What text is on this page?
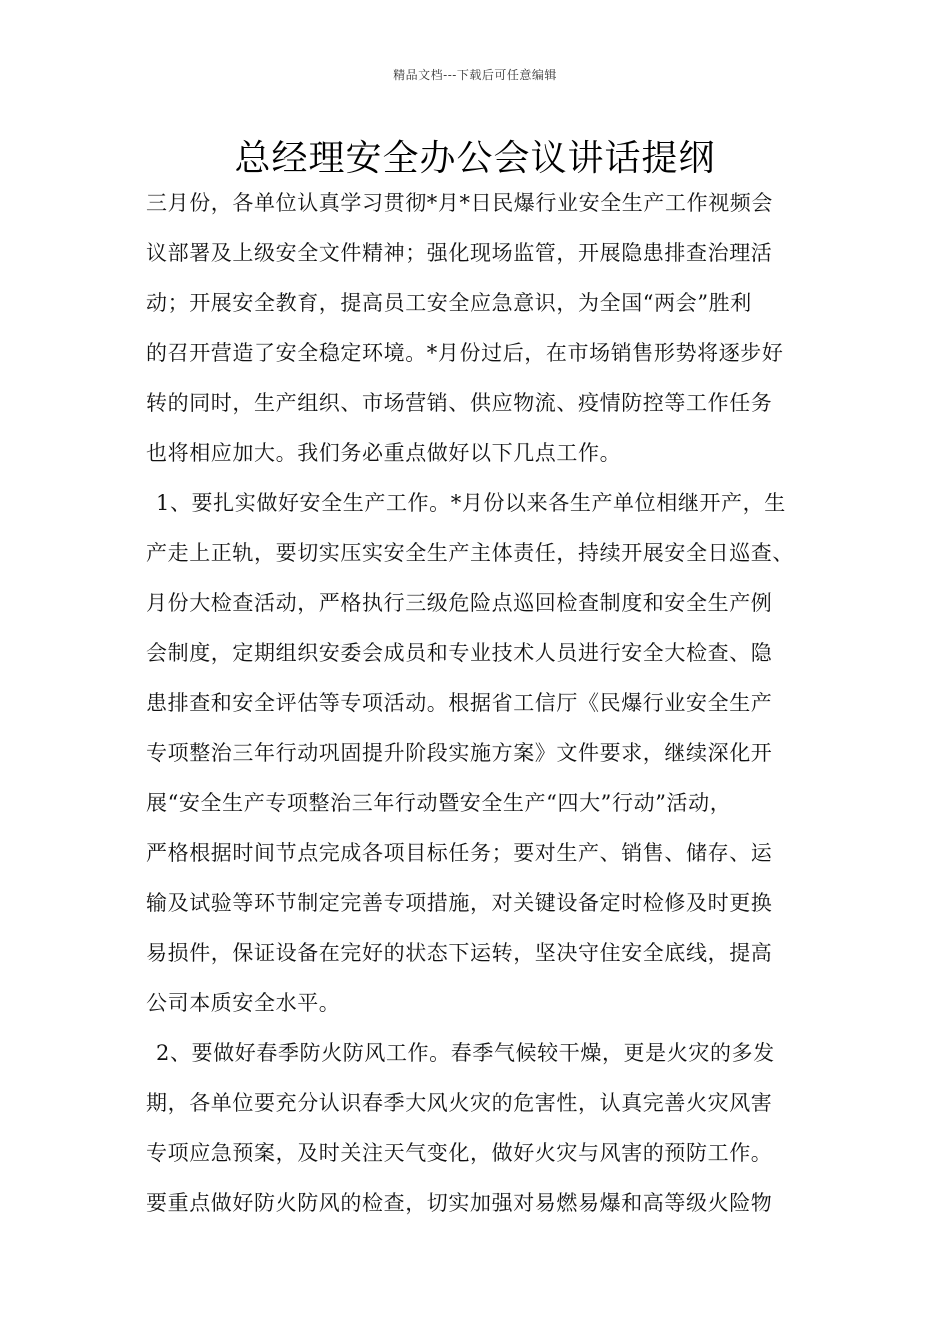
精品文档---下载后可任意编辑
总经理安全办公会议讲话提纲
三月份，各单位认真学习贯彻*月*日民爆行业安全生产工作视频会
议部署及上级安全文件精神；强化现场监管，开展隐患排查治理活
动；开展安全教育，提高员工安全应急意识，为全国“两会”胜利
的召开营造了安全稳定环境。*月份过后，在市场销售形势将逐步好
转的同时，生产组织、市场营销、供应物流、疫情防控等工作任务
也将相应加大。我们务必重点做好以下几点工作。
1、要扎实做好安全生产工作。*月份以来各生产单位相继开产，生
产走上正轨，要切实压实安全生产主体责任，持续开展安全日巡查、
月份大检查活动，严格执行三级危险点巡回检查制度和安全生产例
会制度，定期组织安委会成员和专业技术人员进行安全大检查、隐
患排查和安全评估等专项活动。根据省工信厅《民爆行业安全生产
专项整治三年行动巩固提升阶段实施方案》文件要求，继续深化开
展“安全生产专项整治三年行动暨安全生产“四大”行动”活动，
严格根据时间节点完成各项目标任务；要对生产、销售、储存、运
输及试验等环节制定完善专项措施，对关键设备定时检修及时更换
易损件，保证设备在完好的状态下运转，坚决守住安全底线，提高
公司本质安全水平。
2、要做好春季防火防风工作。春季气候较干燥，更是火灾的多发
期，各单位要充分认识春季大风火灾的危害性，认真完善火灾风害
专项应急预案，及时关注天气变化，做好火灾与风害的预防工作。
要重点做好防火防风的检查，切实加强对易燃易爆和高等级火险物
